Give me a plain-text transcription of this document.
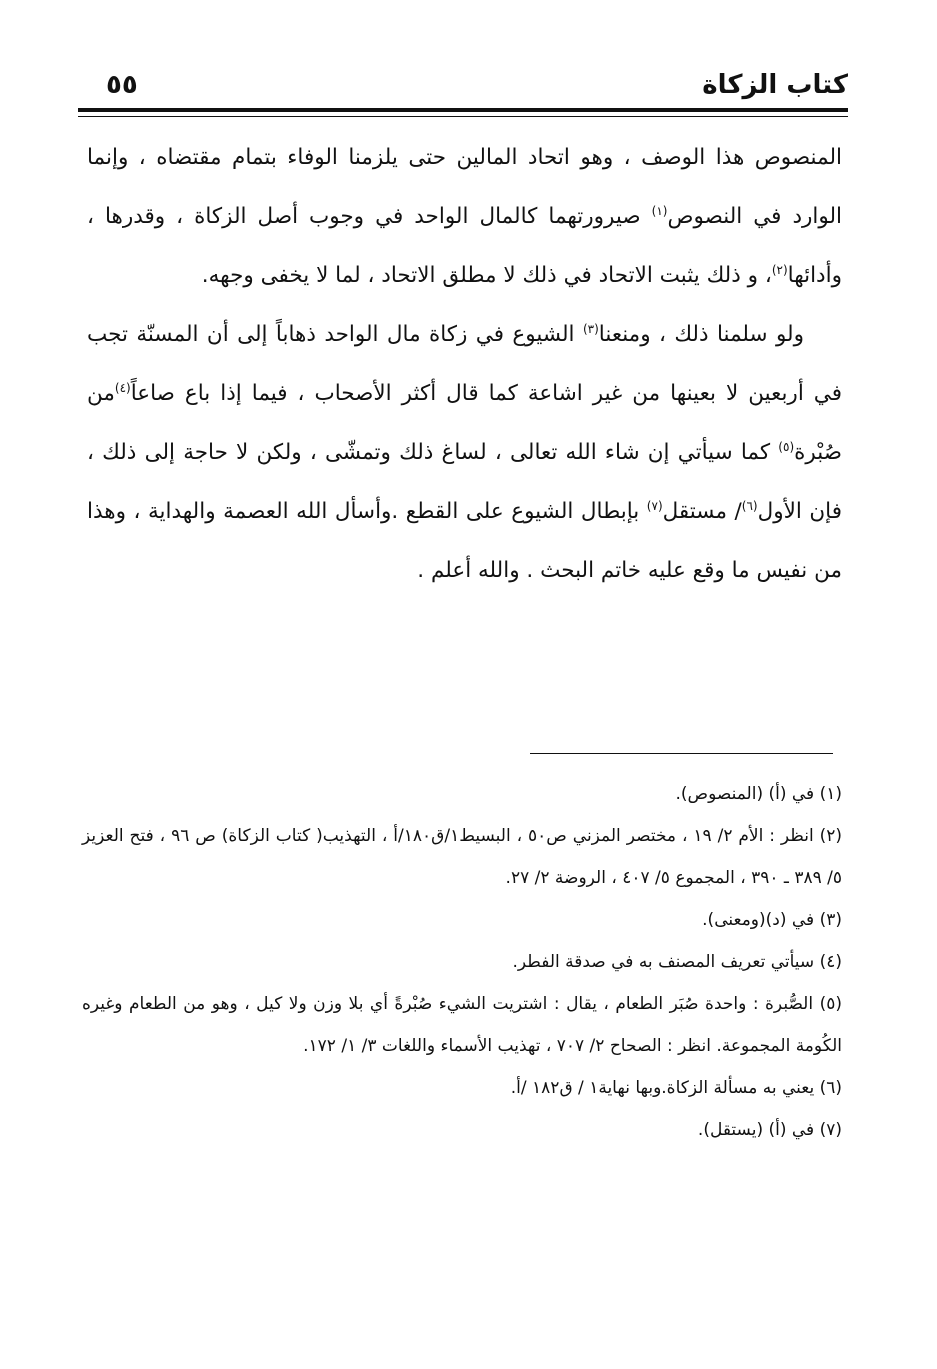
كتاب الزكاة
٥٥

المنصوص هذا الوصف ، وهو اتحاد المالين حتى يلزمنا الوفاء بتمام مقتضاه ، وإنما الوارد في النصوص$^{(١)}$ صيرورتهما كالمال الواحد في وجوب أصل الزكاة ، وقدرها ، وأدائها$^{(٢)}$، و ذلك يثبت الاتحاد في ذلك لا مطلق الاتحاد ، لما لا يخفى وجهه.

ولو سلمنا ذلك ، ومنعنا$^{(٣)}$ الشيوع في زكاة مال الواحد ذهاباً إلى أن المسنّة تجب في أربعين لا بعينها من غير اشاعة كما قال أكثر الأصحاب ، فيما إذا باع صاعاً$^{(٤)}$من صُبْرة$^{(٥)}$ كما سيأتي إن شاء الله تعالى ، لساغ ذلك وتمشّى ، ولكن لا حاجة إلى ذلك ، فإن الأول$^{(٦)}$/ مستقل$^{(٧)}$ بإبطال الشيوع على القطع .وأسأل الله العصمة والهداية ، وهذا من نفيس ما وقع عليه خاتم البحث . والله أعلم .

(١) في (أ) (المنصوص).

(٢) انظر : الأم ٢/ ١٩ ، مختصر المزني ص٥٠ ، البسيط١/ق١٨٠/أ ، التهذيب( كتاب الزكاة) ص ٩٦ ، فتح العزيز ٥/ ٣٨٩ ـ ٣٩٠ ، المجموع ٥/ ٤٠٧ ، الروضة ٢/ ٢٧.

(٣) في (د)(ومعنى).

(٤) سيأتي تعريف المصنف به في صدقة الفطر.

(٥) الصُّبرة : واحدة صُبَر الطعام ، يقال : اشتريت الشيء صُبْرةً أي بلا وزن ولا كيل ، وهو من الطعام وغيره الكُومة المجموعة. انظر : الصحاح ٢/ ٧٠٧ ، تهذيب الأسماء واللغات ٣/ ١/ ١٧٢.

(٦) يعني به مسألة الزكاة.وبها نهاية١ / ق١٨٢ /أ.

(٧) في (أ) (يستقل).
